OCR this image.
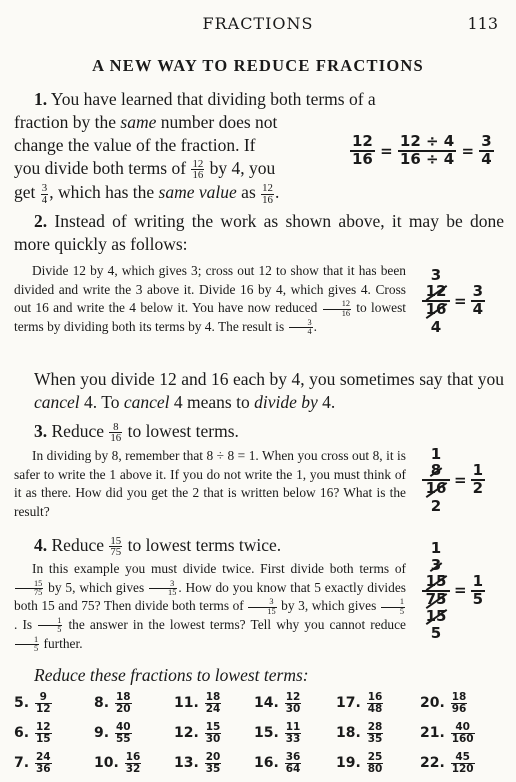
FRACTIONS	113
A NEW WAY TO REDUCE FRACTIONS
1. You have learned that dividing both terms of a
fraction by the same number does not
change the value of the fraction. If
you divide both terms of $\frac{12}{16}$ by 4, you
get $\frac{3}{4}$ , which has the same value as $\frac{12}{16}$ .
$\frac{12}{16} = \frac{12 \div 4}{16 \div 4} = \frac{3}{4}$
2. Instead of writing the work as shown above, it may be done more quickly as follows:
Divide 12 by 4, which gives 3; cross out 12 to show that it has been divided and write the 3 above it. Divide 16 by 4, which gives 4. Cross out 16 and write the 4 below it. You have now reduced $\frac{12}{16}$ to lowest terms by dividing both its terms by 4. The result is $\frac{3}{4}$ .
3
$\frac{12}{16} = \frac{3}{4}$
4
When you divide 12 and 16 each by 4, you sometimes say that you cancel 4. To cancel 4 means to divide by 4.
3. Reduce $\frac{8}{16}$ to lowest terms.
In dividing by 8, remember that 8 ÷ 8 = 1. When you cross out 8, it is safer to write the 1 above it. If you do not write the 1, you must think of it as there. How did you get the 2 that is written below 16? What is the result?
1
$\frac{8}{16} = \frac{1}{2}$
2
4. Reduce $\frac{15}{75}$ to lowest terms twice.
In this example you must divide twice. First divide both terms of
$\frac{15}{75}$ by 5, which gives $\frac{3}{15}$ . How do you know that 5 exactly divides both 15 and 75? Then divide both terms of $\frac{3}{15}$ by 3, which gives $\frac{1}{5}$
. Is $\frac{1}{5}$ the answer in the lowest terms? Tell why you cannot reduce
$\frac{1}{5}$ further.
1
3
$\frac{15}{75} = \frac{1}{5}$
15
5
Reduce these fractions to lowest terms:
5. $\frac{9}{12}$	8. $\frac{18}{20}$	11. $\frac{18}{24} 14$. $\frac{12}{30} 17$. $\frac{16}{48}$	20. $\frac{18}{96}$
6. $\frac{12}{15}$	9. $\frac{40}{55}$	12. $\frac{15}{30} 15$. $\frac{11}{33} 18$. $\frac{28}{35}$	21. $\frac{40}{160}$
7. $\frac{24}{36}$	10. $\frac{16}{32} 13$. $\frac{20}{35} 16$. $\frac{36}{64} 19$. $\frac{25}{80}$	22. $\frac{45}{120}$
